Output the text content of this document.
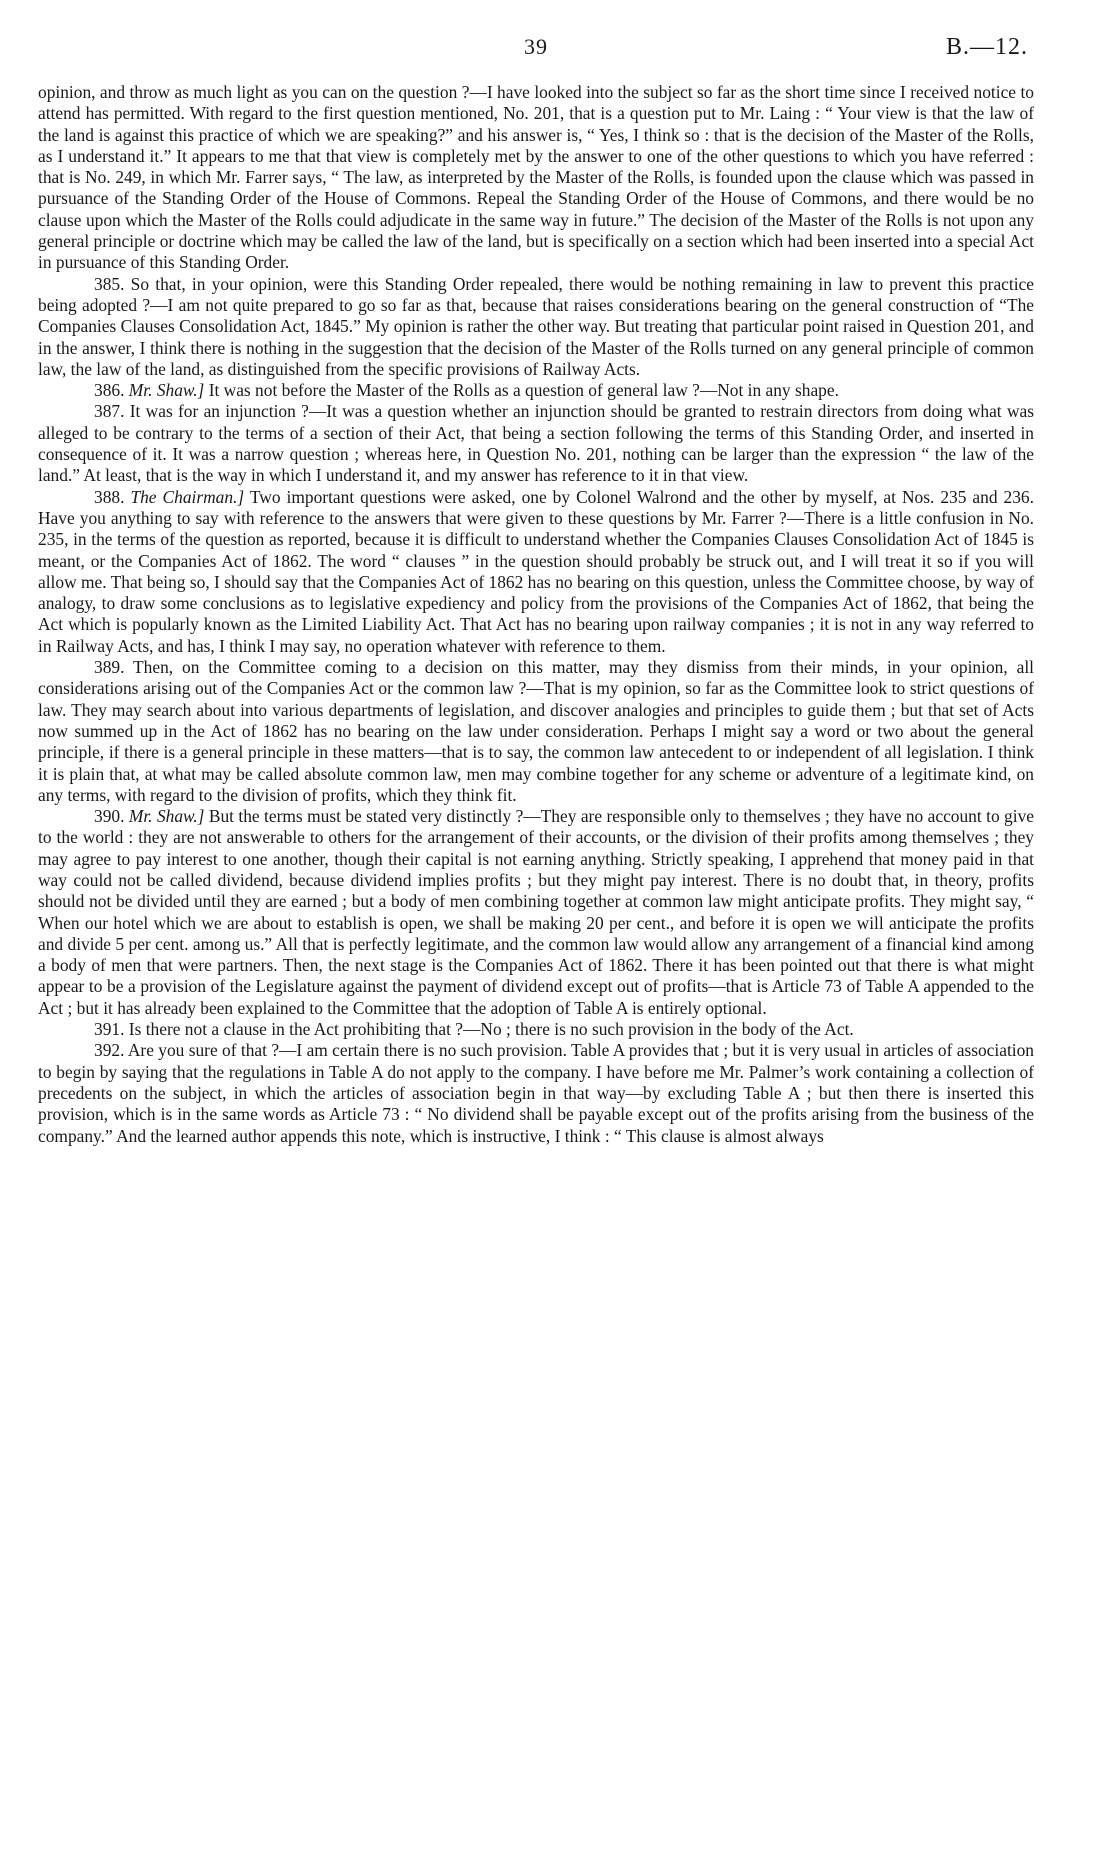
39	B.—12.

opinion, and throw as much light as you can on the question ?—I have looked into the subject so far as the short time since I received notice to attend has permitted. With regard to the first question mentioned, No. 201, that is a question put to Mr. Laing : “ Your view is that the law of the land is against this practice of which we are speaking?” and his answer is, “ Yes, I think so : that is the decision of the Master of the Rolls, as I understand it.” It appears to me that that view is completely met by the answer to one of the other questions to which you have referred : that is No. 249, in which Mr. Farrer says, “ The law, as interpreted by the Master of the Rolls, is founded upon the clause which was passed in pursuance of the Standing Order of the House of Commons. Repeal the Standing Order of the House of Commons, and there would be no clause upon which the Master of the Rolls could adjudicate in the same way in future.” The decision of the Master of the Rolls is not upon any general principle or doctrine which may be called the law of the land, but is specifically on a section which had been inserted into a special Act in pursuance of this Standing Order.

385. So that, in your opinion, were this Standing Order repealed, there would be nothing remaining in law to prevent this practice being adopted ?—I am not quite prepared to go so far as that, because that raises considerations bearing on the general construction of “The Companies Clauses Consolidation Act, 1845.” My opinion is rather the other way. But treating that particular point raised in Question 201, and in the answer, I think there is nothing in the suggestion that the decision of the Master of the Rolls turned on any general principle of common law, the law of the land, as distinguished from the specific provisions of Railway Acts.

386. Mr. Shaw.] It was not before the Master of the Rolls as a question of general law ?—Not in any shape.

387. It was for an injunction ?—It was a question whether an injunction should be granted to restrain directors from doing what was alleged to be contrary to the terms of a section of their Act, that being a section following the terms of this Standing Order, and inserted in consequence of it. It was a narrow question ; whereas here, in Question No. 201, nothing can be larger than the expression “ the law of the land.” At least, that is the way in which I understand it, and my answer has reference to it in that view.

388. The Chairman.] Two important questions were asked, one by Colonel Walrond and the other by myself, at Nos. 235 and 236. Have you anything to say with reference to the answers that were given to these questions by Mr. Farrer ?—There is a little confusion in No. 235, in the terms of the question as reported, because it is difficult to understand whether the Companies Clauses Consolidation Act of 1845 is meant, or the Companies Act of 1862. The word “ clauses ” in the question should probably be struck out, and I will treat it so if you will allow me. That being so, I should say that the Companies Act of 1862 has no bearing on this question, unless the Committee choose, by way of analogy, to draw some conclusions as to legislative expediency and policy from the provisions of the Companies Act of 1862, that being the Act which is popularly known as the Limited Liability Act. That Act has no bearing upon railway companies ; it is not in any way referred to in Railway Acts, and has, I think I may say, no operation whatever with reference to them.

389. Then, on the Committee coming to a decision on this matter, may they dismiss from their minds, in your opinion, all considerations arising out of the Companies Act or the common law ?—That is my opinion, so far as the Committee look to strict questions of law. They may search about into various departments of legislation, and discover analogies and principles to guide them ; but that set of Acts now summed up in the Act of 1862 has no bearing on the law under consideration. Perhaps I might say a word or two about the general principle, if there is a general principle in these matters—that is to say, the common law antecedent to or independent of all legislation. I think it is plain that, at what may be called absolute common law, men may combine together for any scheme or adventure of a legitimate kind, on any terms, with regard to the division of profits, which they think fit.

390. Mr. Shaw.] But the terms must be stated very distinctly ?—They are responsible only to themselves ; they have no account to give to the world : they are not answerable to others for the arrangement of their accounts, or the division of their profits among themselves ; they may agree to pay interest to one another, though their capital is not earning anything. Strictly speaking, I apprehend that money paid in that way could not be called dividend, because dividend implies profits ; but they might pay interest. There is no doubt that, in theory, profits should not be divided until they are earned ; but a body of men combining together at common law might anticipate profits. They might say, “ When our hotel which we are about to establish is open, we shall be making 20 per cent., and before it is open we will anticipate the profits and divide 5 per cent. among us.” All that is perfectly legitimate, and the common law would allow any arrangement of a financial kind among a body of men that were partners. Then, the next stage is the Companies Act of 1862. There it has been pointed out that there is what might appear to be a provision of the Legislature against the payment of dividend except out of profits—that is Article 73 of Table A appended to the Act ; but it has already been explained to the Committee that the adoption of Table A is entirely optional.

391. Is there not a clause in the Act prohibiting that ?—No ; there is no such provision in the body of the Act.

392. Are you sure of that ?—I am certain there is no such provision. Table A provides that ; but it is very usual in articles of association to begin by saying that the regulations in Table A do not apply to the company. I have before me Mr. Palmer’s work containing a collection of precedents on the subject, in which the articles of association begin in that way—by excluding Table A ; but then there is inserted this provision, which is in the same words as Article 73 : “ No dividend shall be payable except out of the profits arising from the business of the company.” And the learned author appends this note, which is instructive, I think : “ This clause is almost always
